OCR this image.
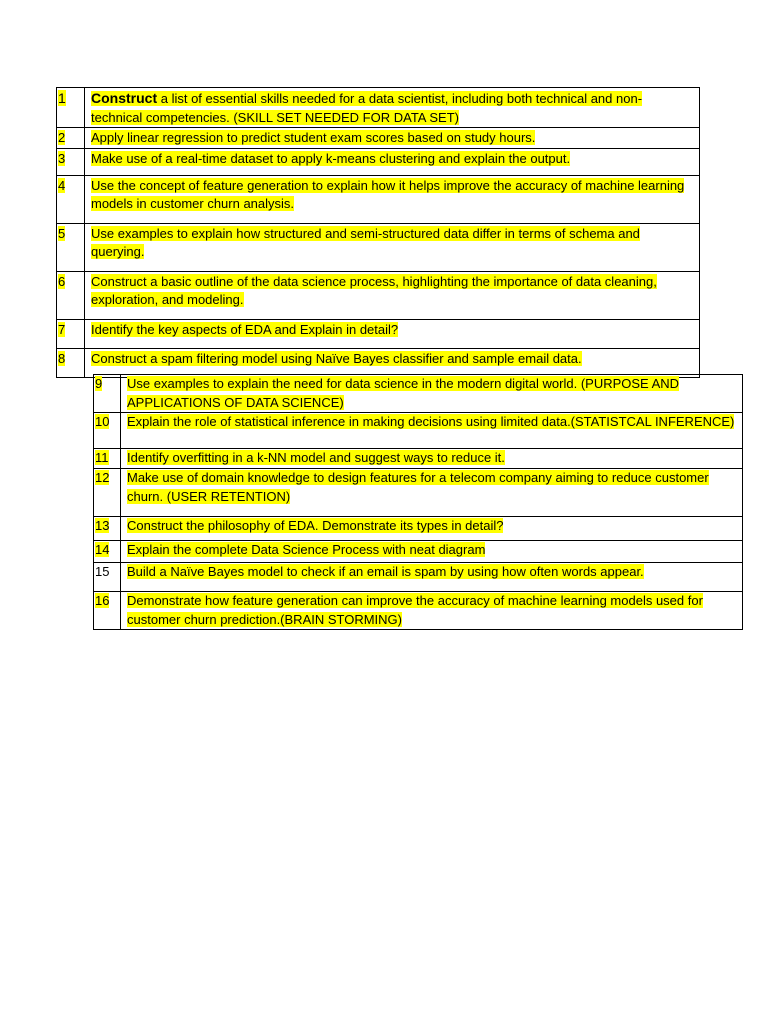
1	Construct a list of essential skills needed for a data scientist, including both technical and non-technical competencies. (SKILL SET NEEDED FOR DATA SET)
2	Apply linear regression to predict student exam scores based on study hours.
3	Make use of a real-time dataset to apply k-means clustering and explain the output.
4	Use the concept of feature generation to explain how it helps improve the accuracy of machine learning models in customer churn analysis.
5	Use examples to explain how structured and semi-structured data differ in terms of schema and querying.
6	Construct a basic outline of the data science process, highlighting the importance of data cleaning, exploration, and modeling.
7	Identify the key aspects of EDA and Explain in detail?
8	Construct a spam filtering model using Naïve Bayes classifier and sample email data.
9	Use examples to explain the need for data science in the modern digital world. (PURPOSE AND APPLICATIONS OF DATA SCIENCE)
10	Explain the role of statistical inference in making decisions using limited data.(STATISTCAL INFERENCE)
11	Identify overfitting in a k-NN model and suggest ways to reduce it.
12	Make use of domain knowledge to design features for a telecom company aiming to reduce customer churn. (USER RETENTION)
13	Construct the philosophy of EDA. Demonstrate its types in detail?
14	Explain the complete Data Science Process with neat diagram
15	Build a Naïve Bayes model to check if an email is spam by using how often words appear.
16	Demonstrate how feature generation can improve the accuracy of machine learning models used for customer churn prediction.(BRAIN STORMING)
